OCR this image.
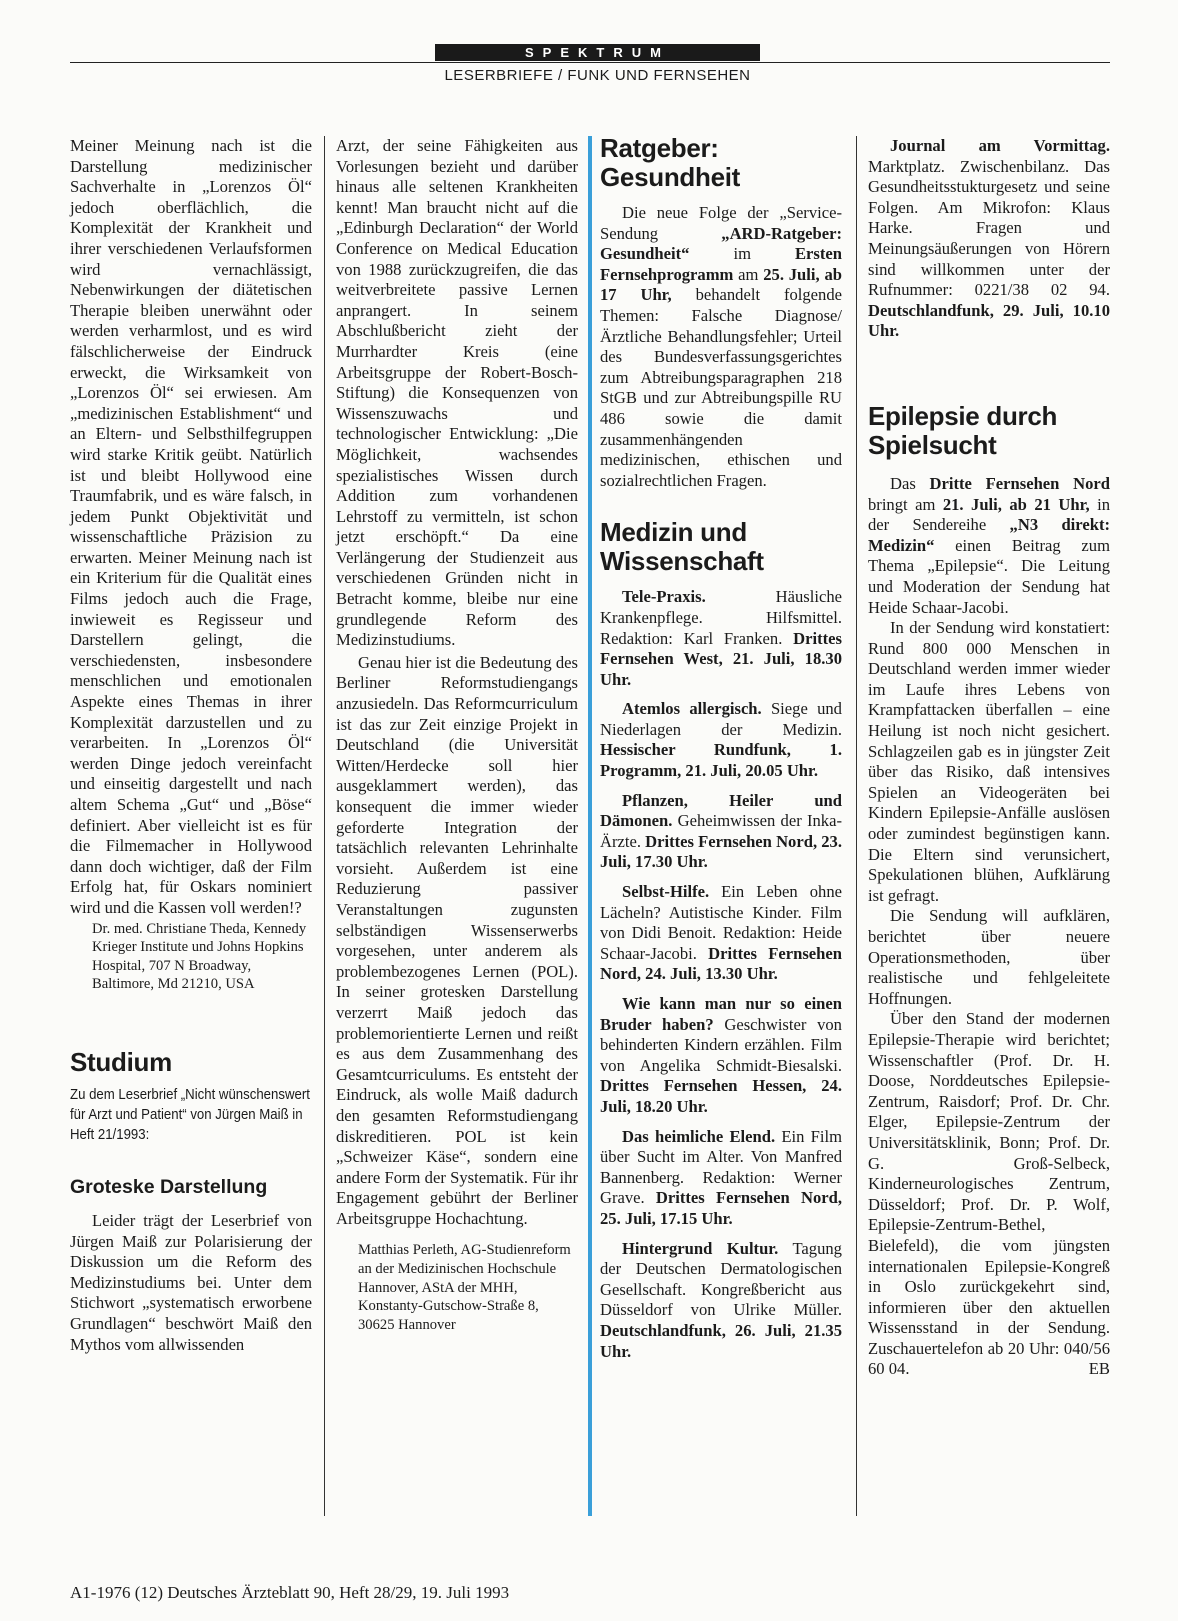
SPEKTRUM
LESERBRIEFE / FUNK UND FERNSEHEN

Meiner Meinung nach ist die Darstellung medizinischer Sachverhalte in „Lorenzos Öl“ jedoch oberflächlich, die Komplexität der Krankheit und ihrer verschiedenen Verlaufsformen wird vernachlässigt, Nebenwirkungen der diätetischen Therapie bleiben unerwähnt oder werden verharmlost, und es wird fälschlicherweise der Eindruck erweckt, die Wirksamkeit von „Lorenzos Öl“ sei erwiesen. Am „medizinischen Establishment“ und an Eltern- und Selbsthilfegruppen wird starke Kritik geübt. Natürlich ist und bleibt Hollywood eine Traumfabrik, und es wäre falsch, in jedem Punkt Objektivität und wissenschaftliche Präzision zu erwarten. Meiner Meinung nach ist ein Kriterium für die Qualität eines Films jedoch auch die Frage, inwieweit es Regisseur und Darstellern gelingt, die verschiedensten, insbesondere menschlichen und emotionalen Aspekte eines Themas in ihrer Komplexität darzustellen und zu verarbeiten. In „Lorenzos Öl“ werden Dinge jedoch vereinfacht und einseitig dargestellt und nach altem Schema „Gut“ und „Böse“ definiert. Aber vielleicht ist es für die Filmemacher in Hollywood dann doch wichtiger, daß der Film Erfolg hat, für Oskars nominiert wird und die Kassen voll werden!?

Dr. med. Christiane Theda, Kennedy Krieger Institute und Johns Hopkins Hospital, 707 N Broadway, Baltimore, Md 21210, USA

Studium

Zu dem Leserbrief „Nicht wünschenswert für Arzt und Patient“ von Jürgen Maiß in Heft 21/1993:

Groteske Darstellung

Leider trägt der Leserbrief von Jürgen Maiß zur Polarisierung der Diskussion um die Reform des Medizinstudiums bei. Unter dem Stichwort „systematisch erworbene Grundlagen“ beschwört Maiß den Mythos vom allwissenden

Arzt, der seine Fähigkeiten aus Vorlesungen bezieht und darüber hinaus alle seltenen Krankheiten kennt! Man braucht nicht auf die „Edinburgh Declaration“ der World Conference on Medical Education von 1988 zurückzugreifen, die das weitverbreitete passive Lernen anprangert. In seinem Abschlußbericht zieht der Murrhardter Kreis (eine Arbeitsgruppe der Robert-Bosch-Stiftung) die Konsequenzen von Wissenszuwachs und technologischer Entwicklung: „Die Möglichkeit, wachsendes spezialistisches Wissen durch Addition zum vorhandenen Lehrstoff zu vermitteln, ist schon jetzt erschöpft.“ Da eine Verlängerung der Studienzeit aus verschiedenen Gründen nicht in Betracht komme, bleibe nur eine grundlegende Reform des Medizinstudiums.

Genau hier ist die Bedeutung des Berliner Reformstudiengangs anzusiedeln. Das Reformcurriculum ist das zur Zeit einzige Projekt in Deutschland (die Universität Witten/Herdecke soll hier ausgeklammert werden), das konsequent die immer wieder geforderte Integration der tatsächlich relevanten Lehrinhalte vorsieht. Außerdem ist eine Reduzierung passiver Veranstaltungen zugunsten selbständigen Wissenserwerbs vorgesehen, unter anderem als problembezogenes Lernen (POL). In seiner grotesken Darstellung verzerrt Maiß jedoch das problemorientierte Lernen und reißt es aus dem Zusammenhang des Gesamtcurriculums. Es entsteht der Eindruck, als wolle Maiß dadurch den gesamten Reformstudiengang diskreditieren. POL ist kein „Schweizer Käse“, sondern eine andere Form der Systematik. Für ihr Engagement gebührt der Berliner Arbeitsgruppe Hochachtung.

Matthias Perleth, AG-Studienreform an der Medizinischen Hochschule Hannover, AStA der MHH, Konstanty-Gutschow-Straße 8, 30625 Hannover

Ratgeber: Gesundheit

Die neue Folge der „Service-Sendung „ARD-Ratgeber: Gesundheit“ im Ersten Fernsehprogramm am 25. Juli, ab 17 Uhr, behandelt folgende Themen: Falsche Diagnose/Ärztliche Behandlungsfehler; Urteil des Bundesverfassungsgerichtes zum Abtreibungsparagraphen 218 StGB und zur Abtreibungspille RU 486 sowie die damit zusammenhängenden medizinischen, ethischen und sozialrechtlichen Fragen.

Medizin und Wissenschaft

Tele-Praxis. Häusliche Krankenpflege. Hilfsmittel. Redaktion: Karl Franken. Drittes Fernsehen West, 21. Juli, 18.30 Uhr.

Atemlos allergisch. Siege und Niederlagen der Medizin. Hessischer Rundfunk, 1. Programm, 21. Juli, 20.05 Uhr.

Pflanzen, Heiler und Dämonen. Geheimwissen der Inka-Ärzte. Drittes Fernsehen Nord, 23. Juli, 17.30 Uhr.

Selbst-Hilfe. Ein Leben ohne Lächeln? Autistische Kinder. Film von Didi Benoit. Redaktion: Heide Schaar-Jacobi. Drittes Fernsehen Nord, 24. Juli, 13.30 Uhr.

Wie kann man nur so einen Bruder haben? Geschwister von behinderten Kindern erzählen. Film von Angelika Schmidt-Biesalski. Drittes Fernsehen Hessen, 24. Juli, 18.20 Uhr.

Das heimliche Elend. Ein Film über Sucht im Alter. Von Manfred Bannenberg. Redaktion: Werner Grave. Drittes Fernsehen Nord, 25. Juli, 17.15 Uhr.

Hintergrund Kultur. Tagung der Deutschen Dermatologischen Gesellschaft. Kongreßbericht aus Düsseldorf von Ulrike Müller. Deutschlandfunk, 26. Juli, 21.35 Uhr.

Journal am Vormittag. Marktplatz. Zwischenbilanz. Das Gesundheitsstukturgesetz und seine Folgen. Am Mikrofon: Klaus Harke. Fragen und Meinungsäußerungen von Hörern sind willkommen unter der Rufnummer: 0221/38 02 94. Deutschlandfunk, 29. Juli, 10.10 Uhr.

Epilepsie durch Spielsucht

Das Dritte Fernsehen Nord bringt am 21. Juli, ab 21 Uhr, in der Sendereihe „N3 direkt: Medizin“ einen Beitrag zum Thema „Epilepsie“. Die Leitung und Moderation der Sendung hat Heide Schaar-Jacobi.

In der Sendung wird konstatiert: Rund 800 000 Menschen in Deutschland werden immer wieder im Laufe ihres Lebens von Krampfattacken überfallen – eine Heilung ist noch nicht gesichert. Schlagzeilen gab es in jüngster Zeit über das Risiko, daß intensives Spielen an Videogeräten bei Kindern Epilepsie-Anfälle auslösen oder zumindest begünstigen kann. Die Eltern sind verunsichert, Spekulationen blühen, Aufklärung ist gefragt.

Die Sendung will aufklären, berichtet über neuere Operationsmethoden, über realistische und fehlgeleitete Hoffnungen.

Über den Stand der modernen Epilepsie-Therapie wird berichtet; Wissenschaftler (Prof. Dr. H. Doose, Norddeutsches Epilepsie-Zentrum, Raisdorf; Prof. Dr. Chr. Elger, Epilepsie-Zentrum der Universitätsklinik, Bonn; Prof. Dr. G. Groß-Selbeck, Kinderneurologisches Zentrum, Düsseldorf; Prof. Dr. P. Wolf, Epilepsie-Zentrum-Bethel, Bielefeld), die vom jüngsten internationalen Epilepsie-Kongreß in Oslo zurückgekehrt sind, informieren über den aktuellen Wissensstand in der Sendung. Zuschauertelefon ab 20 Uhr: 040/56 60 04.	EB

A1-1976 (12) Deutsches Ärzteblatt 90, Heft 28/29, 19. Juli 1993
